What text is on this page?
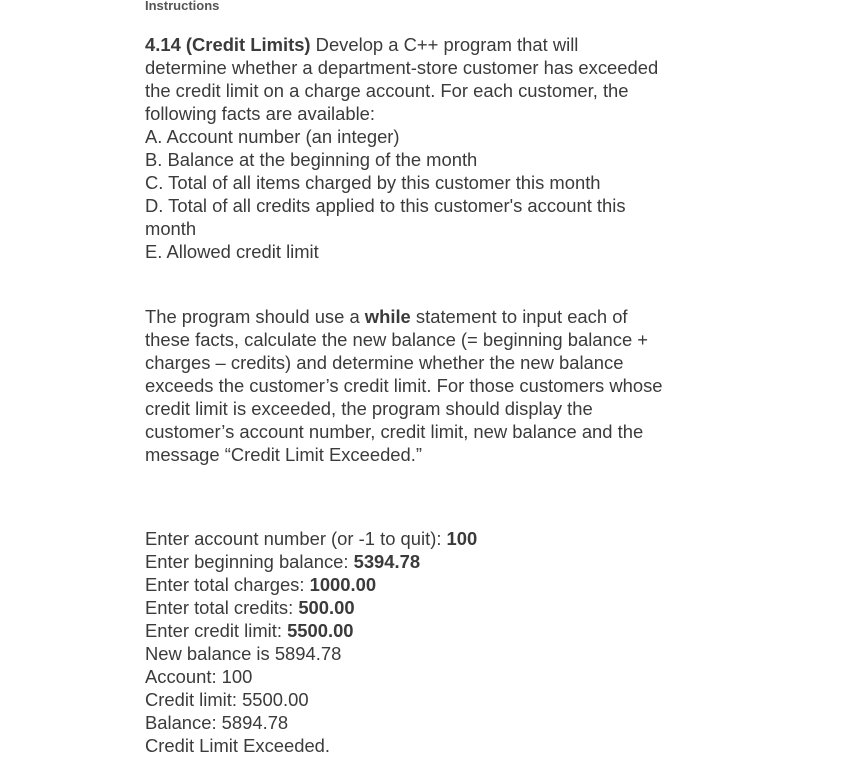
Instructions
4.14 (Credit Limits) Develop a C++ program that will
determine whether a department-store customer has exceeded
the credit limit on a charge account. For each customer, the
following facts are available:
A. Account number (an integer)
B. Balance at the beginning of the month
C. Total of all items charged by this customer this month
D. Total of all credits applied to this customer's account this
month
E. Allowed credit limit
The program should use a while statement to input each of
these facts, calculate the new balance (= beginning balance +
charges – credits) and determine whether the new balance
exceeds the customer’s credit limit. For those customers whose
credit limit is exceeded, the program should display the
customer’s account number, credit limit, new balance and the
message “Credit Limit Exceeded.”
Enter account number (or -1 to quit): 100
Enter beginning balance: 5394.78
Enter total charges: 1000.00
Enter total credits: 500.00
Enter credit limit: 5500.00
New balance is 5894.78
Account: 100
Credit limit: 5500.00
Balance: 5894.78
Credit Limit Exceeded.
